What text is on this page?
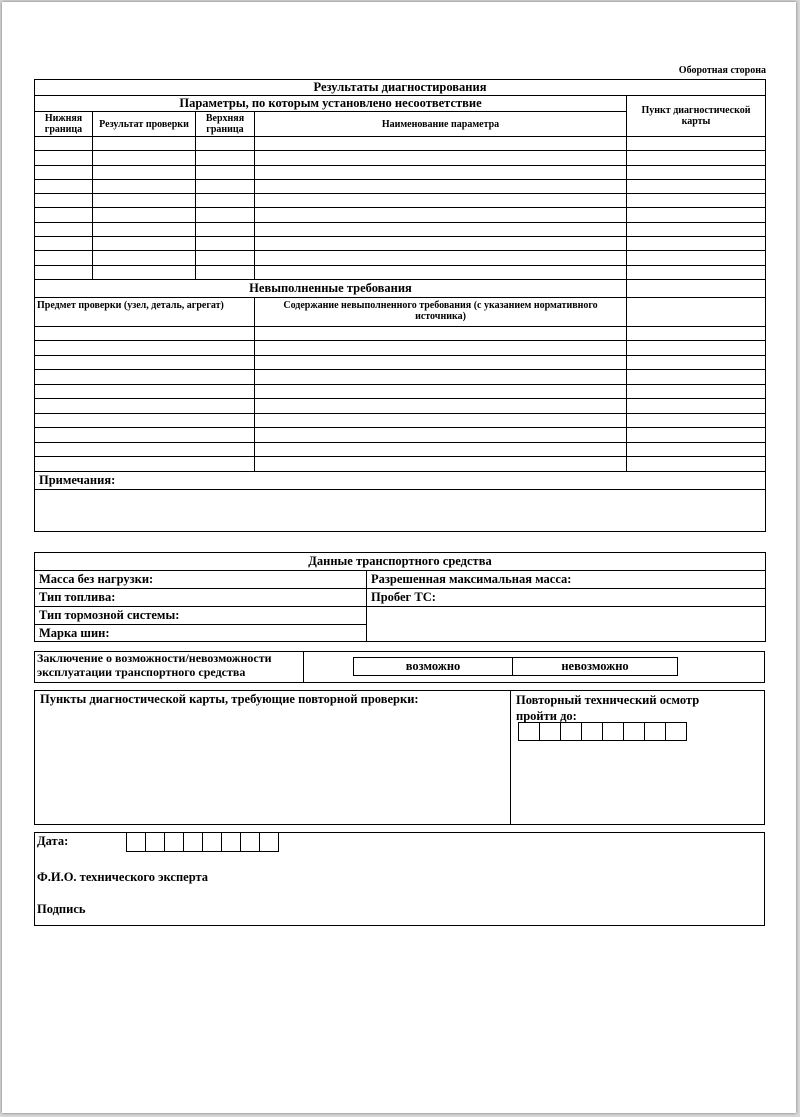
Оборотная сторона
Результаты диагностирования				
Параметры, по которым установлено несоответствие				Пункт диагностической карты
Нижняя граница	Результат проверки	Верхняя граница	Наименование параметра	

Невыполненные требования				
Предмет проверки (узел, деталь, агрегат)			Содержание невыполненного требования (с указанием нормативного источника)	

Примечания:				

Данные транспортного средства	
Масса без нагрузки:	Разрешенная максимальная масса:
Тип топлива:	Пробег ТС:
Тип тормозной системы:	
Марка шин:	
Заключение о возможности/невозможности эксплуатации транспортного средства	возможно	невозможно
Пункты диагностической карты, требующие повторной проверки:	Повторный технический осмотр пройти до:
Дата:
Ф.И.О. технического эксперта
Подпись
